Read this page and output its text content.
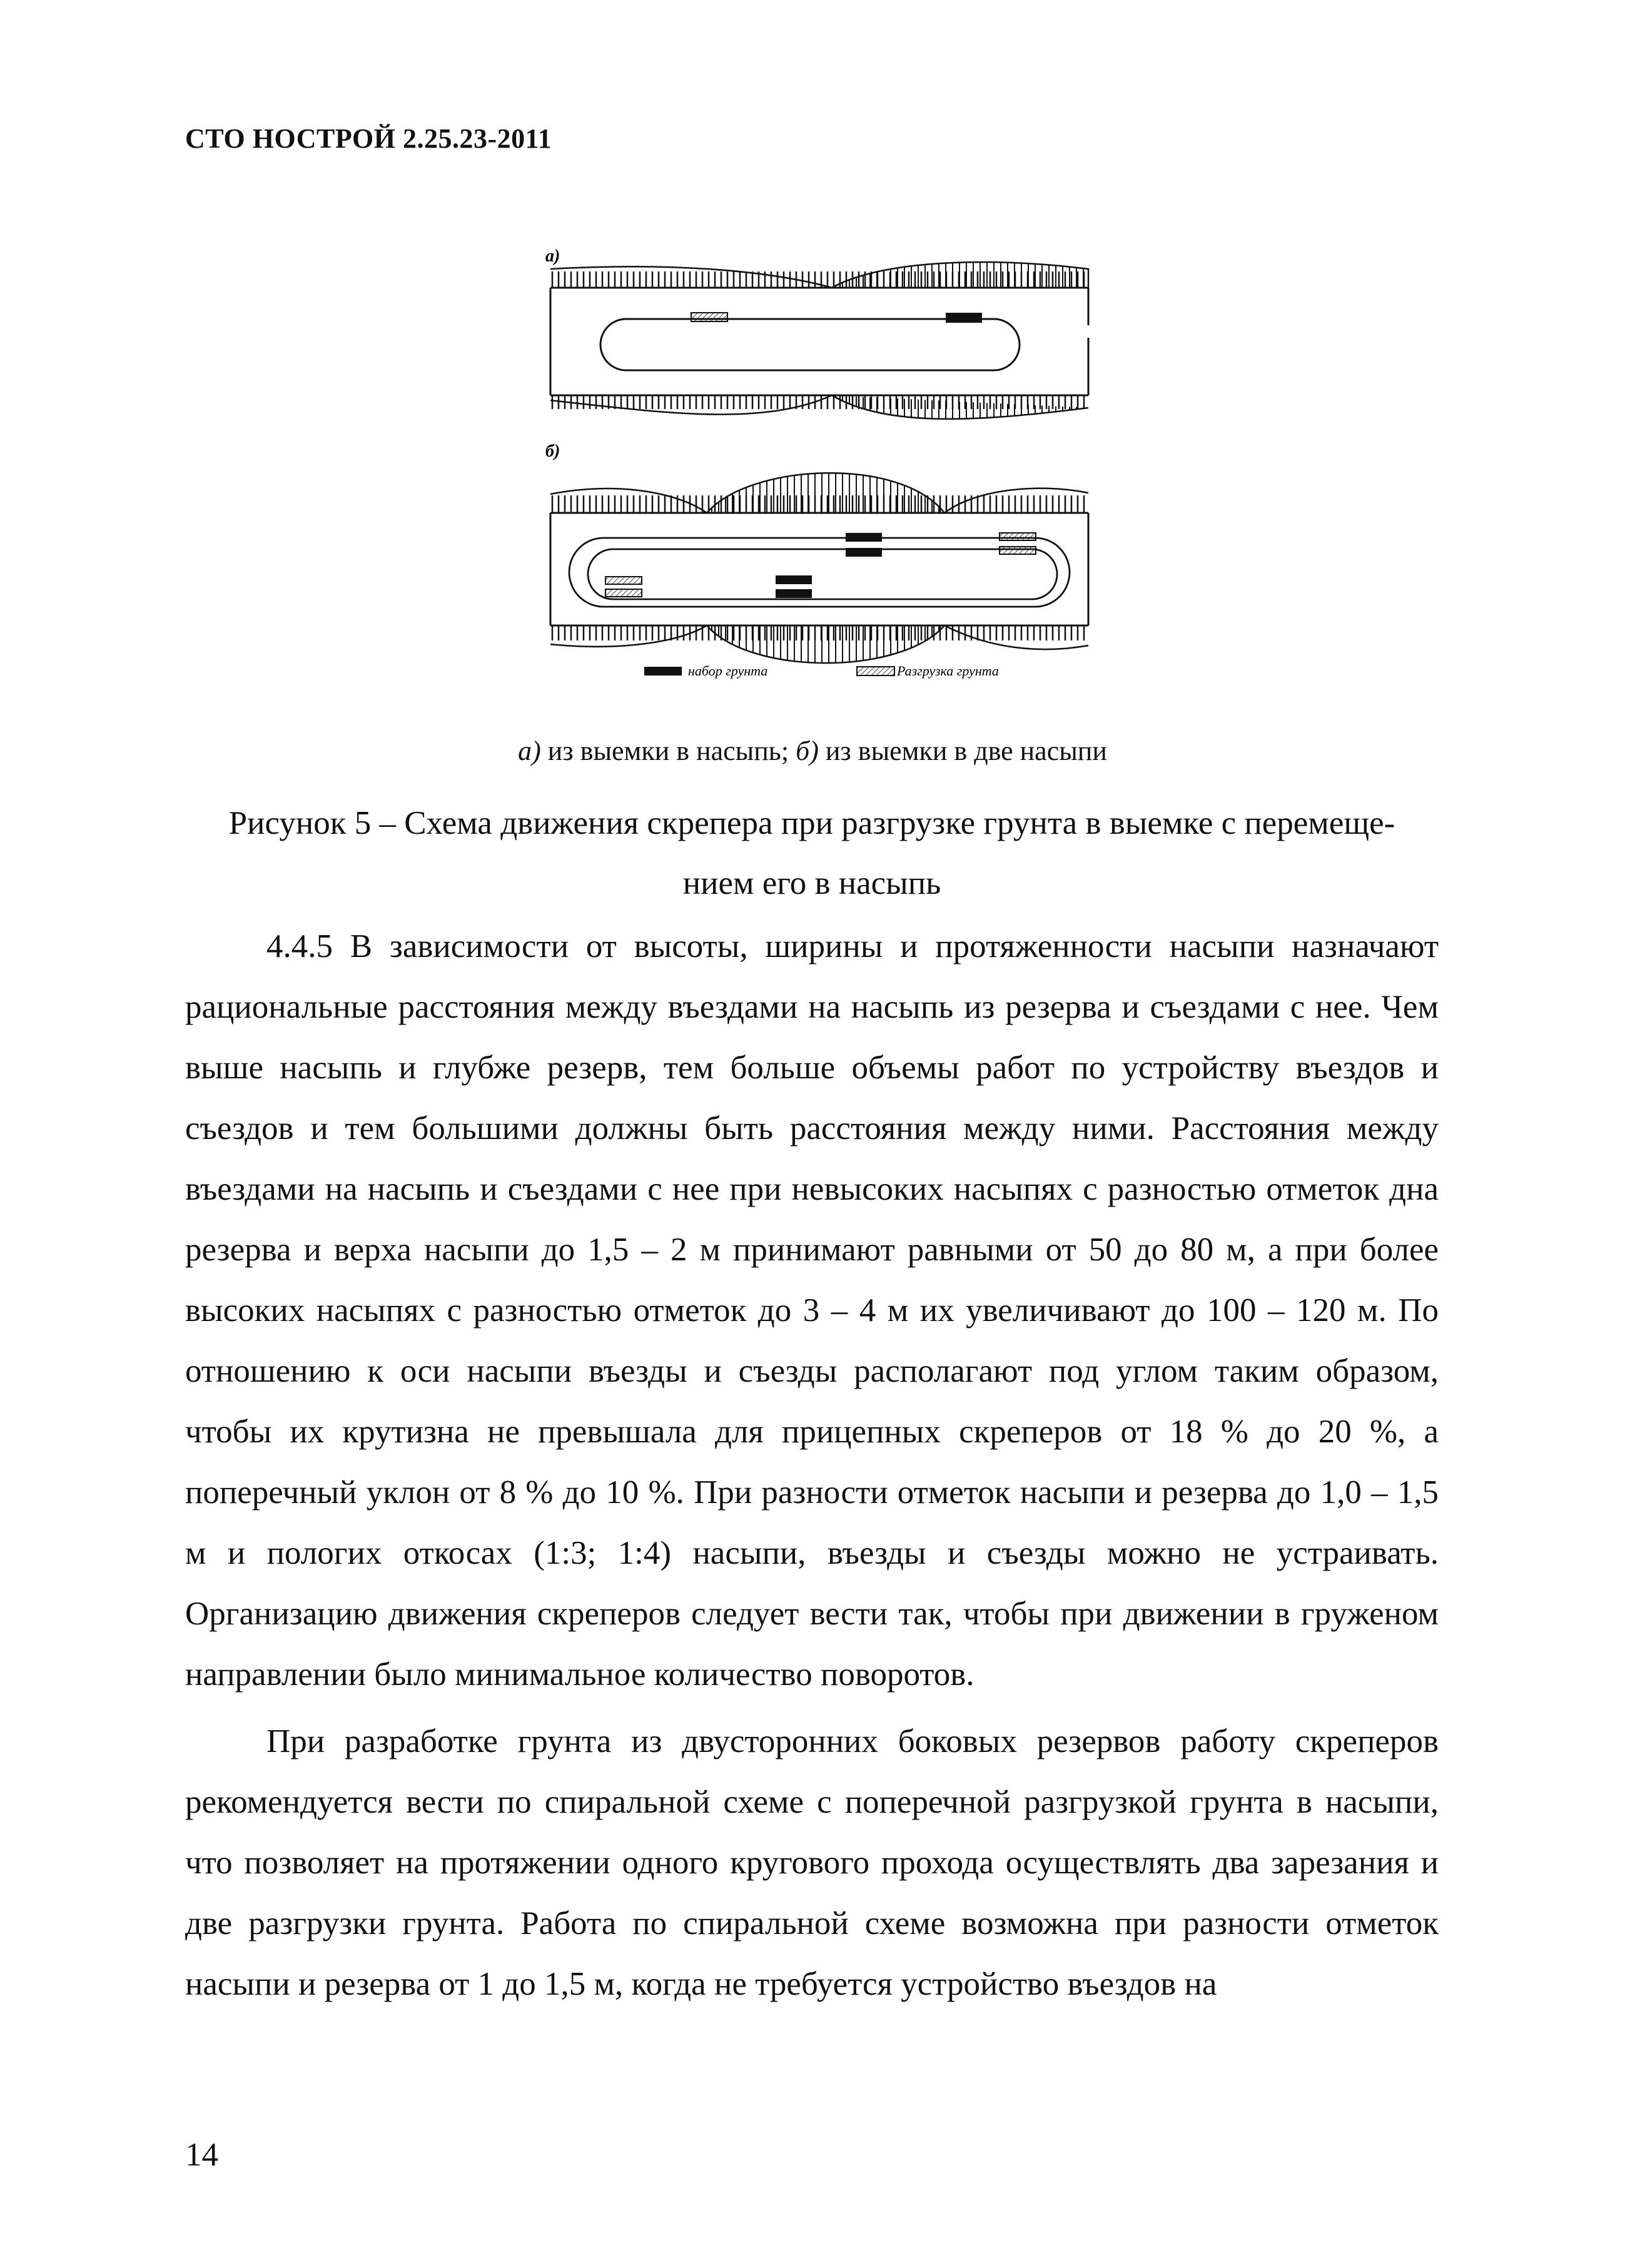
СТО НОСТРОЙ 2.25.23-2011
а)
б)
набор грунта	Разгрузка грунта
а) из выемки в насыпь; б) из выемки в две насыпи
Рисунок 5 – Схема движения скрепера при разгрузке грунта в выемке с перемеще-
нием его в насыпь

4.4.5 В зависимости от высоты, ширины и протяженности насыпи назначают рациональные расстояния между въездами на насыпь из резерва и съездами с нее. Чем выше насыпь и глубже резерв, тем больше объемы работ по устройству въездов и съездов и тем большими должны быть расстояния между ними. Расстояния между въездами на насыпь и съездами с нее при невысоких насыпях с разностью отметок дна резерва и верха насыпи до 1,5 – 2 м принимают равными от 50 до 80 м, а при более высоких насыпях с разностью отметок до 3 – 4 м их увеличивают до 100 – 120 м. По отношению к оси насыпи въезды и съезды располагают под углом таким образом, чтобы их крутизна не превышала для прицепных скреперов от 18 % до 20 %, а поперечный уклон от 8 % до 10 %. При разности отметок насыпи и резерва до 1,0 – 1,5 м и пологих откосах (1:3; 1:4) насыпи, въезды и съезды можно не устраивать. Организацию движения скреперов следует вести так, чтобы при движении в груженом направлении было минимальное количество поворотов.

При разработке грунта из двусторонних боковых резервов работу скреперов рекомендуется вести по спиральной схеме с поперечной разгрузкой грунта в насыпи, что позволяет на протяжении одного кругового прохода осуществлять два зарезания и две разгрузки грунта. Работа по спиральной схеме возможна при разности отметок насыпи и резерва от 1 до 1,5 м, когда не требуется устройство въездов на

14
